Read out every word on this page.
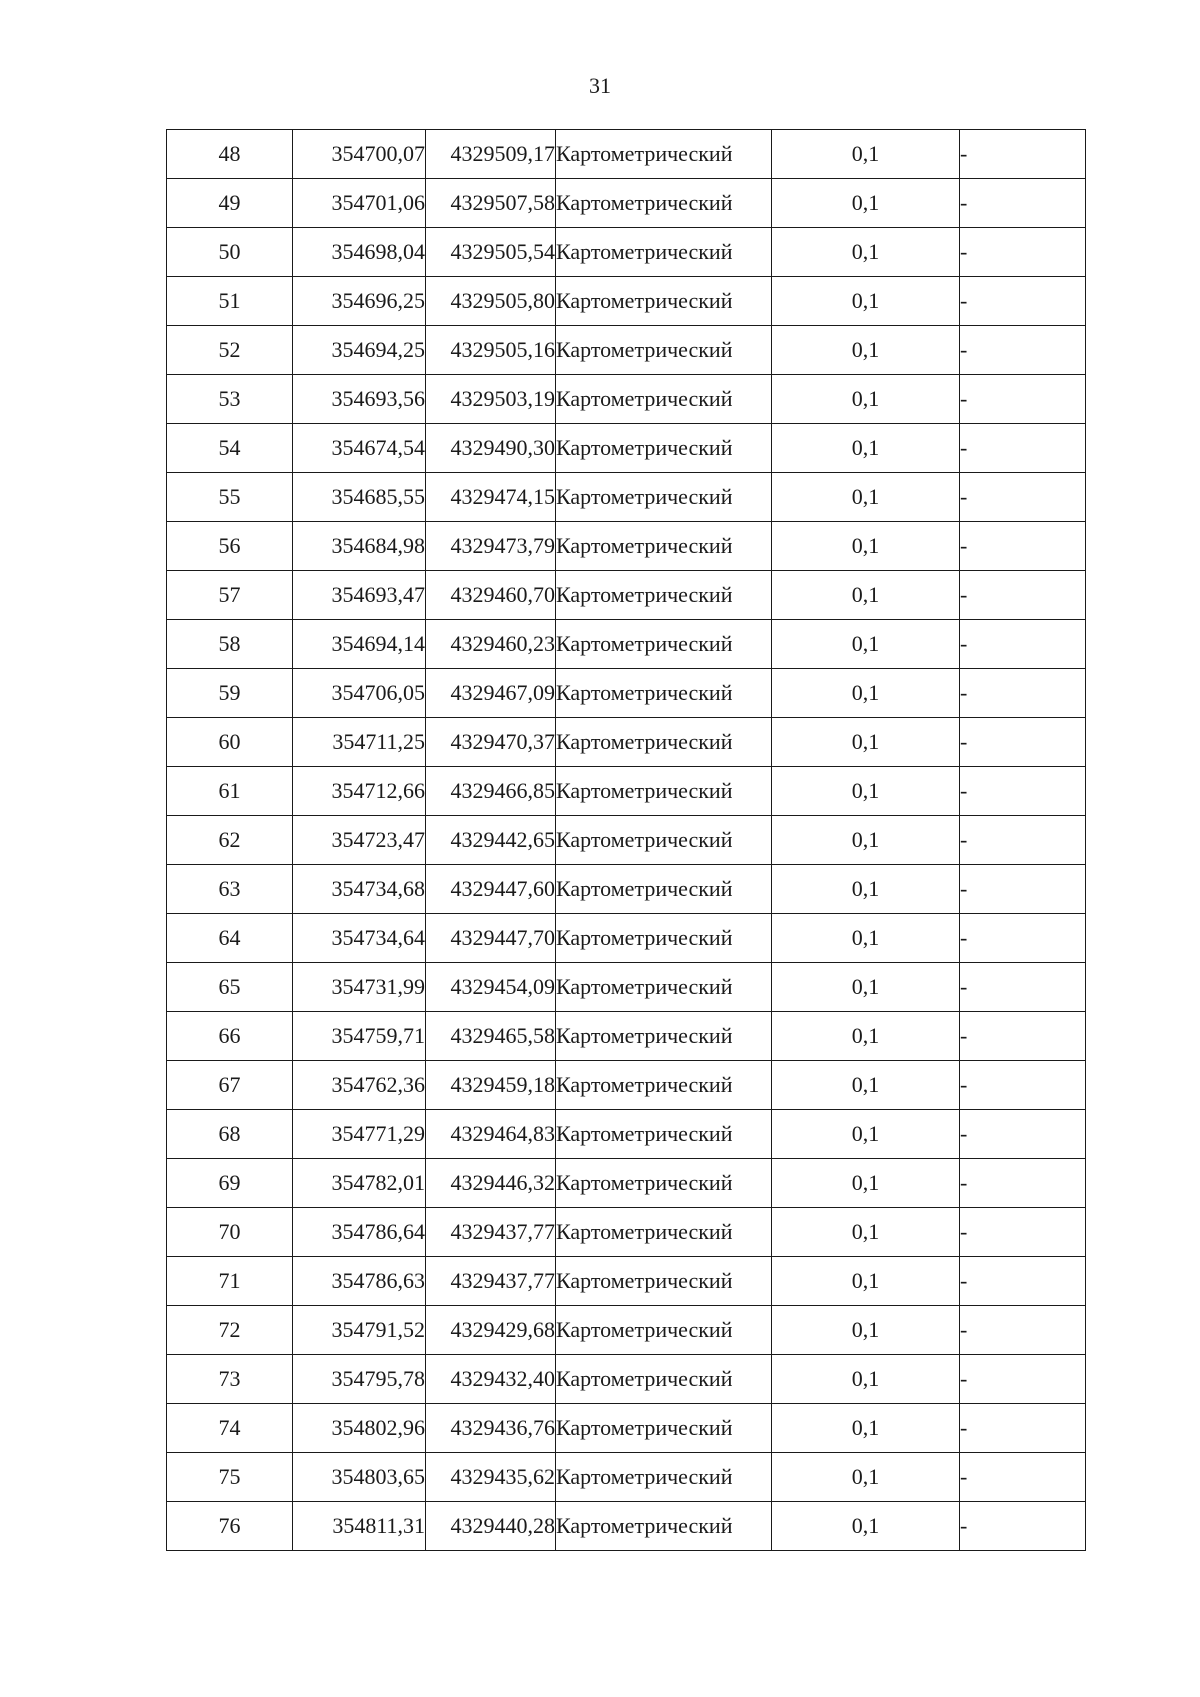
31
48	354700,07	4329509,17	Картометрический	0,1	-
49	354701,06	4329507,58	Картометрический	0,1	-
50	354698,04	4329505,54	Картометрический	0,1	-
51	354696,25	4329505,80	Картометрический	0,1	-
52	354694,25	4329505,16	Картометрический	0,1	-
53	354693,56	4329503,19	Картометрический	0,1	-
54	354674,54	4329490,30	Картометрический	0,1	-
55	354685,55	4329474,15	Картометрический	0,1	-
56	354684,98	4329473,79	Картометрический	0,1	-
57	354693,47	4329460,70	Картометрический	0,1	-
58	354694,14	4329460,23	Картометрический	0,1	-
59	354706,05	4329467,09	Картометрический	0,1	-
60	354711,25	4329470,37	Картометрический	0,1	-
61	354712,66	4329466,85	Картометрический	0,1	-
62	354723,47	4329442,65	Картометрический	0,1	-
63	354734,68	4329447,60	Картометрический	0,1	-
64	354734,64	4329447,70	Картометрический	0,1	-
65	354731,99	4329454,09	Картометрический	0,1	-
66	354759,71	4329465,58	Картометрический	0,1	-
67	354762,36	4329459,18	Картометрический	0,1	-
68	354771,29	4329464,83	Картометрический	0,1	-
69	354782,01	4329446,32	Картометрический	0,1	-
70	354786,64	4329437,77	Картометрический	0,1	-
71	354786,63	4329437,77	Картометрический	0,1	-
72	354791,52	4329429,68	Картометрический	0,1	-
73	354795,78	4329432,40	Картометрический	0,1	-
74	354802,96	4329436,76	Картометрический	0,1	-
75	354803,65	4329435,62	Картометрический	0,1	-
76	354811,31	4329440,28	Картометрический	0,1	-
